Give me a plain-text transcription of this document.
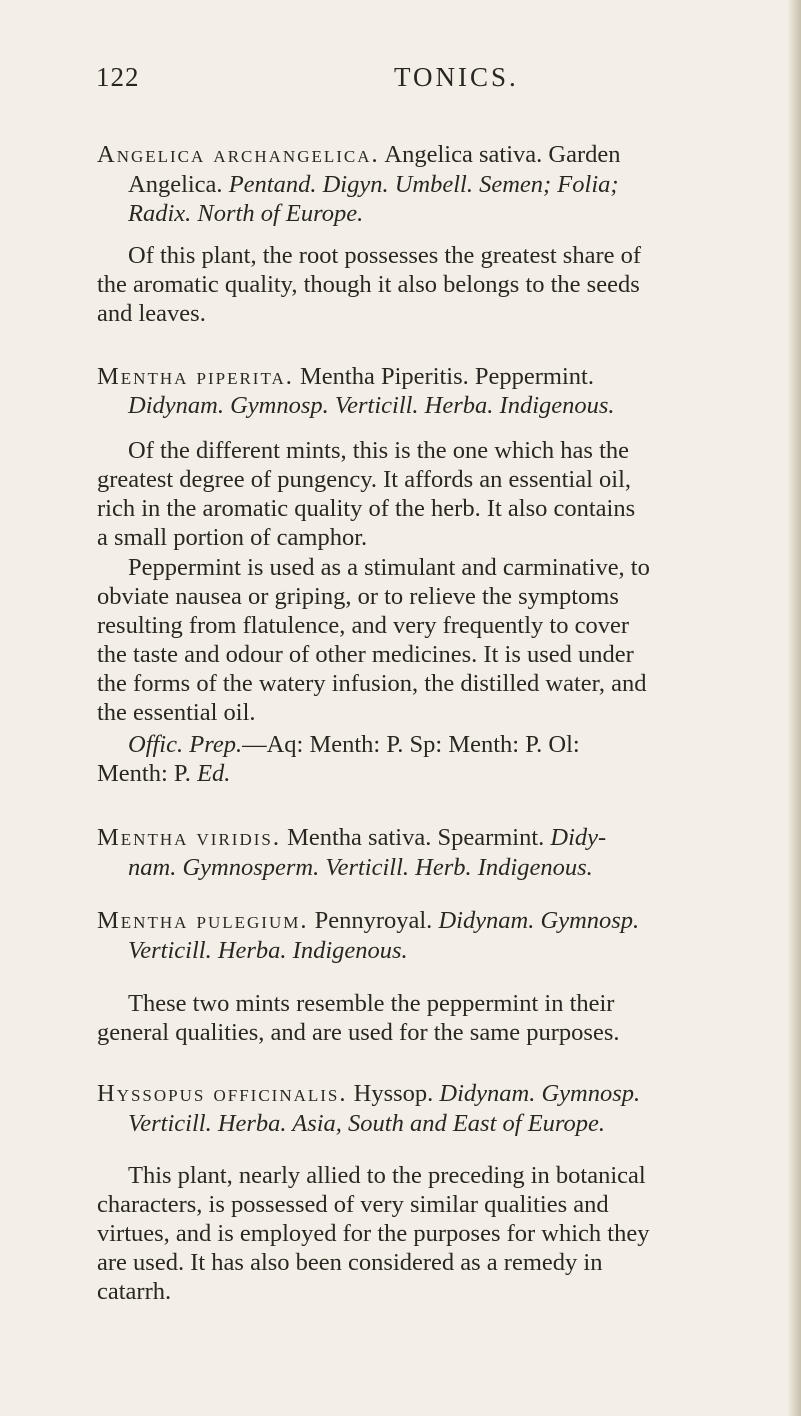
122	TONICS.
Angelica archangelica. Angelica sativa. Garden
Angelica. Pentand. Digyn. Umbell. Semen; Folia;
Radix. North of Europe.
Of this plant, the root possesses the greatest share of
the aromatic quality, though it also belongs to the seeds
and leaves.
Mentha piperita. Mentha Piperitis. Peppermint.
Didynam. Gymnosp. Verticill. Herba. Indigenous.
Of the different mints, this is the one which has the
greatest degree of pungency. It affords an essential oil,
rich in the aromatic quality of the herb. It also contains
a small portion of camphor.
Peppermint is used as a stimulant and carminative, to
obviate nausea or griping, or to relieve the symptoms
resulting from flatulence, and very frequently to cover
the taste and odour of other medicines. It is used under
the forms of the watery infusion, the distilled water, and
the essential oil.
Offic. Prep.—Aq: Menth: P. Sp: Menth: P. Ol:
Menth: P. Ed.
Mentha viridis. Mentha sativa. Spearmint. Didy-
nam. Gymnosperm. Verticill. Herb. Indigenous.
Mentha pulegium. Pennyroyal. Didynam. Gymnosp.
Verticill. Herba. Indigenous.
These two mints resemble the peppermint in their
general qualities, and are used for the same purposes.
Hyssopus officinalis. Hyssop. Didynam. Gymnosp.
Verticill. Herba. Asia, South and East of Europe.
This plant, nearly allied to the preceding in botanical
characters, is possessed of very similar qualities and
virtues, and is employed for the purposes for which they
are used. It has also been considered as a remedy in
catarrh.
